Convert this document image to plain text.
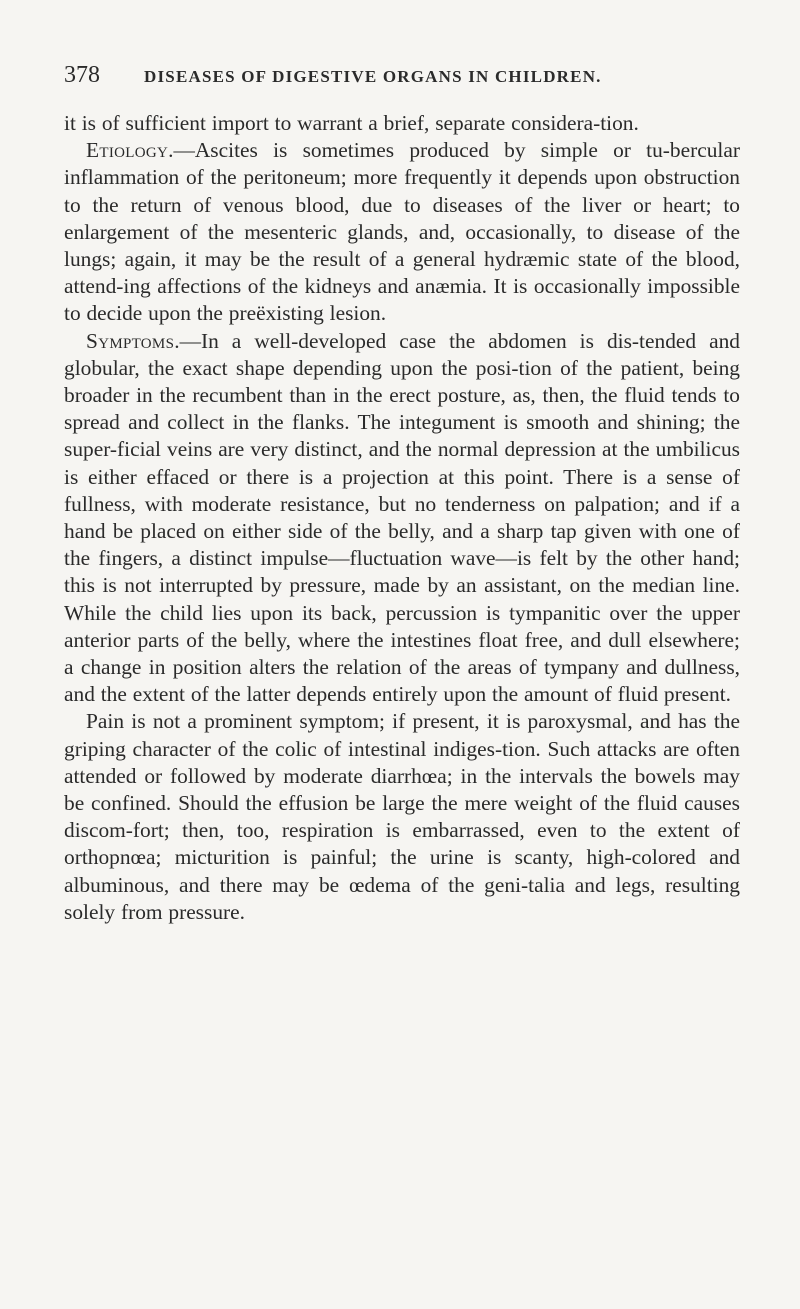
378	DISEASES OF DIGESTIVE ORGANS IN CHILDREN.

it is of sufficient import to warrant a brief, separate considera-tion.

Etiology.—Ascites is sometimes produced by simple or tu-bercular inflammation of the peritoneum; more frequently it depends upon obstruction to the return of venous blood, due to diseases of the liver or heart; to enlargement of the mesenteric glands, and, occasionally, to disease of the lungs; again, it may be the result of a general hydræmic state of the blood, attend-ing affections of the kidneys and anæmia. It is occasionally impossible to decide upon the preëxisting lesion.

Symptoms.—In a well-developed case the abdomen is dis-tended and globular, the exact shape depending upon the posi-tion of the patient, being broader in the recumbent than in the erect posture, as, then, the fluid tends to spread and collect in the flanks. The integument is smooth and shining; the super-ficial veins are very distinct, and the normal depression at the umbilicus is either effaced or there is a projection at this point. There is a sense of fullness, with moderate resistance, but no tenderness on palpation; and if a hand be placed on either side of the belly, and a sharp tap given with one of the fingers, a distinct impulse—fluctuation wave—is felt by the other hand; this is not interrupted by pressure, made by an assistant, on the median line. While the child lies upon its back, percussion is tympanitic over the upper anterior parts of the belly, where the intestines float free, and dull elsewhere; a change in position alters the relation of the areas of tympany and dullness, and the extent of the latter depends entirely upon the amount of fluid present.

Pain is not a prominent symptom; if present, it is paroxysmal, and has the griping character of the colic of intestinal indiges-tion. Such attacks are often attended or followed by moderate diarrhœa; in the intervals the bowels may be confined. Should the effusion be large the mere weight of the fluid causes discom-fort; then, too, respiration is embarrassed, even to the extent of orthopnœa; micturition is painful; the urine is scanty, high-colored and albuminous, and there may be œdema of the geni-talia and legs, resulting solely from pressure.
